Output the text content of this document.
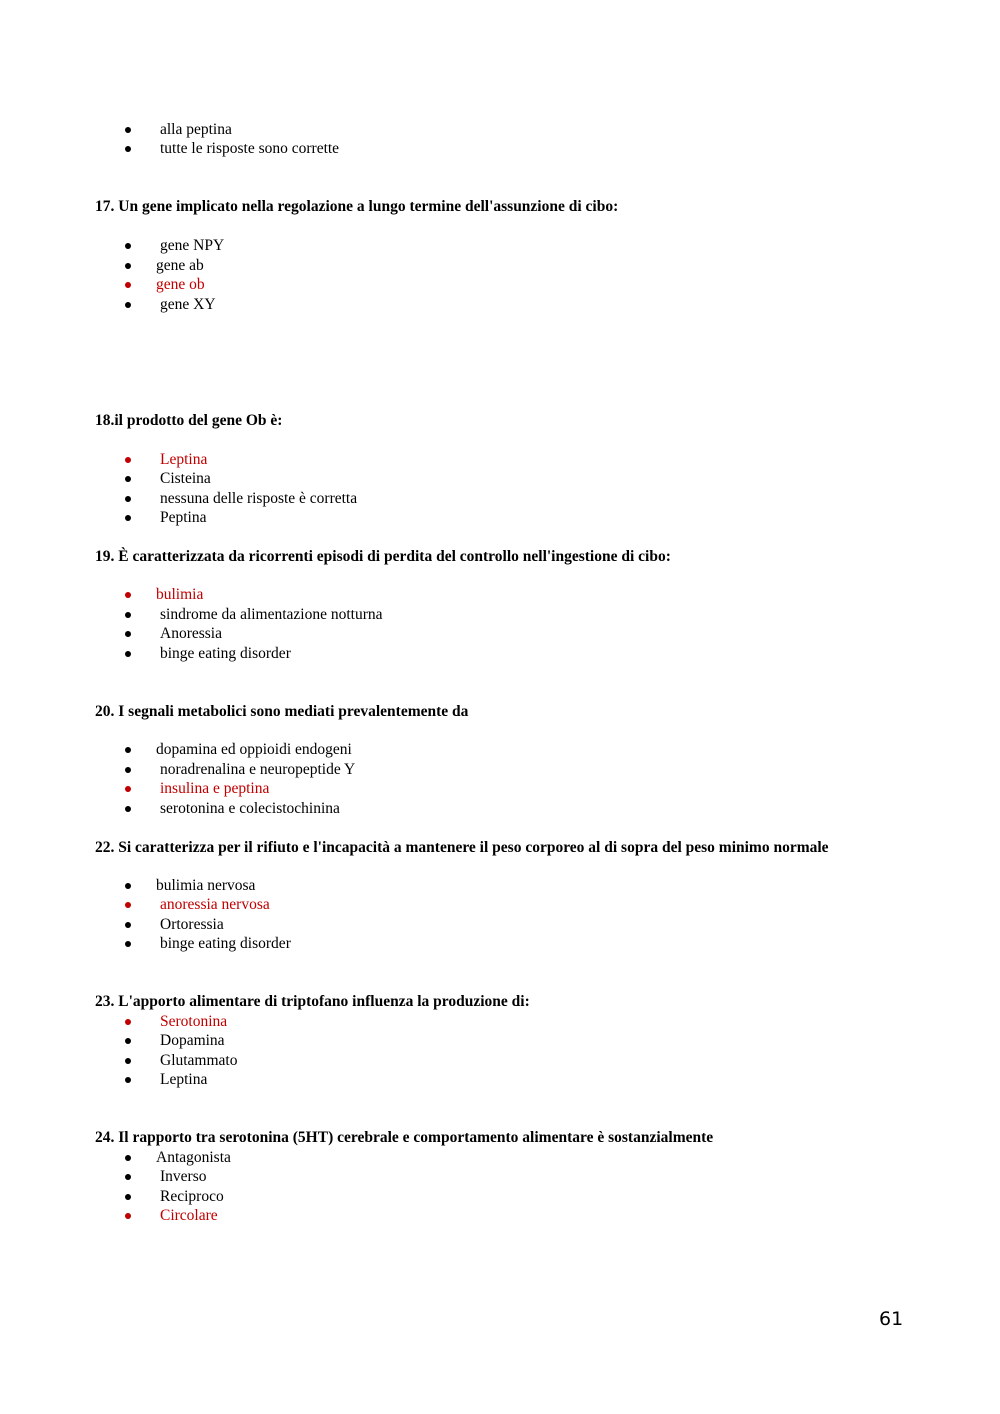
alla peptina
tutte le risposte sono corrette
17. Un gene implicato nella regolazione a lungo termine dell'assunzione di cibo:
gene NPY
gene ab
gene ob
gene XY
18.il prodotto del gene Ob è:
Leptina
Cisteina
nessuna delle risposte è corretta
Peptina
19. È caratterizzata da ricorrenti episodi di perdita del controllo nell'ingestione di cibo:
bulimia
sindrome da alimentazione notturna
Anoressia
binge eating disorder
20. I segnali metabolici sono mediati prevalentemente da
dopamina ed oppioidi endogeni
noradrenalina e neuropeptide Y
insulina e peptina
serotonina e colecistochinina
22. Si caratterizza per il rifiuto e l'incapacità a mantenere il peso corporeo al di sopra del peso minimo normale
bulimia nervosa
anoressia nervosa
Ortoressia
binge eating disorder
23. L'apporto alimentare di triptofano influenza la produzione di:
Serotonina
Dopamina
Glutammato
Leptina
24. Il rapporto tra serotonina (5HT) cerebrale e comportamento alimentare è sostanzialmente
Antagonista
Inverso
Reciproco
Circolare
61
